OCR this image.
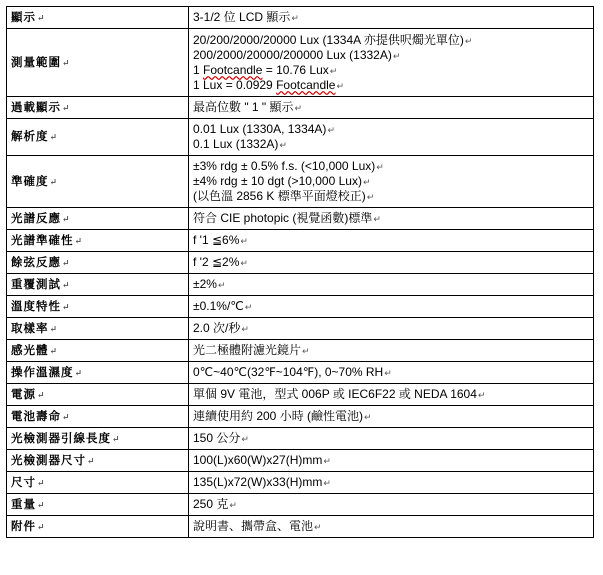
顯示↵	3-1/2 位 LCD 顯示↵

測量範圍↵	20/200/2000/20000 Lux (1334A 亦提供呎燭光單位)↵
200/2000/20000/200000 Lux (1332A)↵
1 Footcandle = 10.76 Lux↵
1 Lux = 0.0929 Footcandle↵

過載顯示↵	最高位數 " 1 " 顯示↵

解析度↵	0.01 Lux (1330A, 1334A)↵
0.1 Lux (1332A)↵

準確度↵	±3% rdg ± 0.5% f.s. (<10,000 Lux)↵
±4% rdg ± 10 dgt (>10,000 Lux)↵
(以色溫 2856 K 標準平面燈校正)↵

光譜反應↵	符合 CIE photopic (視覺函數)標準↵

光譜準確性↵	f '1 ≦6%↵

餘弦反應↵	f '2 ≦2%↵

重覆測試↵	±2%↵

溫度特性↵	±0.1%/℃↵

取樣率↵	2.0 次/秒↵

感光體↵	光二極體附濾光鏡片↵

操作溫濕度↵	0℃~40℃(32℉~104℉), 0~70% RH↵

電源↵	單個 9V 電池，型式 006P 或 IEC6F22 或 NEDA 1604↵

電池壽命↵	連續使用約 200 小時 (鹼性電池)↵

光檢測器引線長度↵	150 公分↵

光檢測器尺寸↵	100(L)x60(W)x27(H)mm↵

尺寸↵	135(L)x72(W)x33(H)mm↵

重量↵	250 克↵

附件↵	說明書、攜帶盒、電池↵
